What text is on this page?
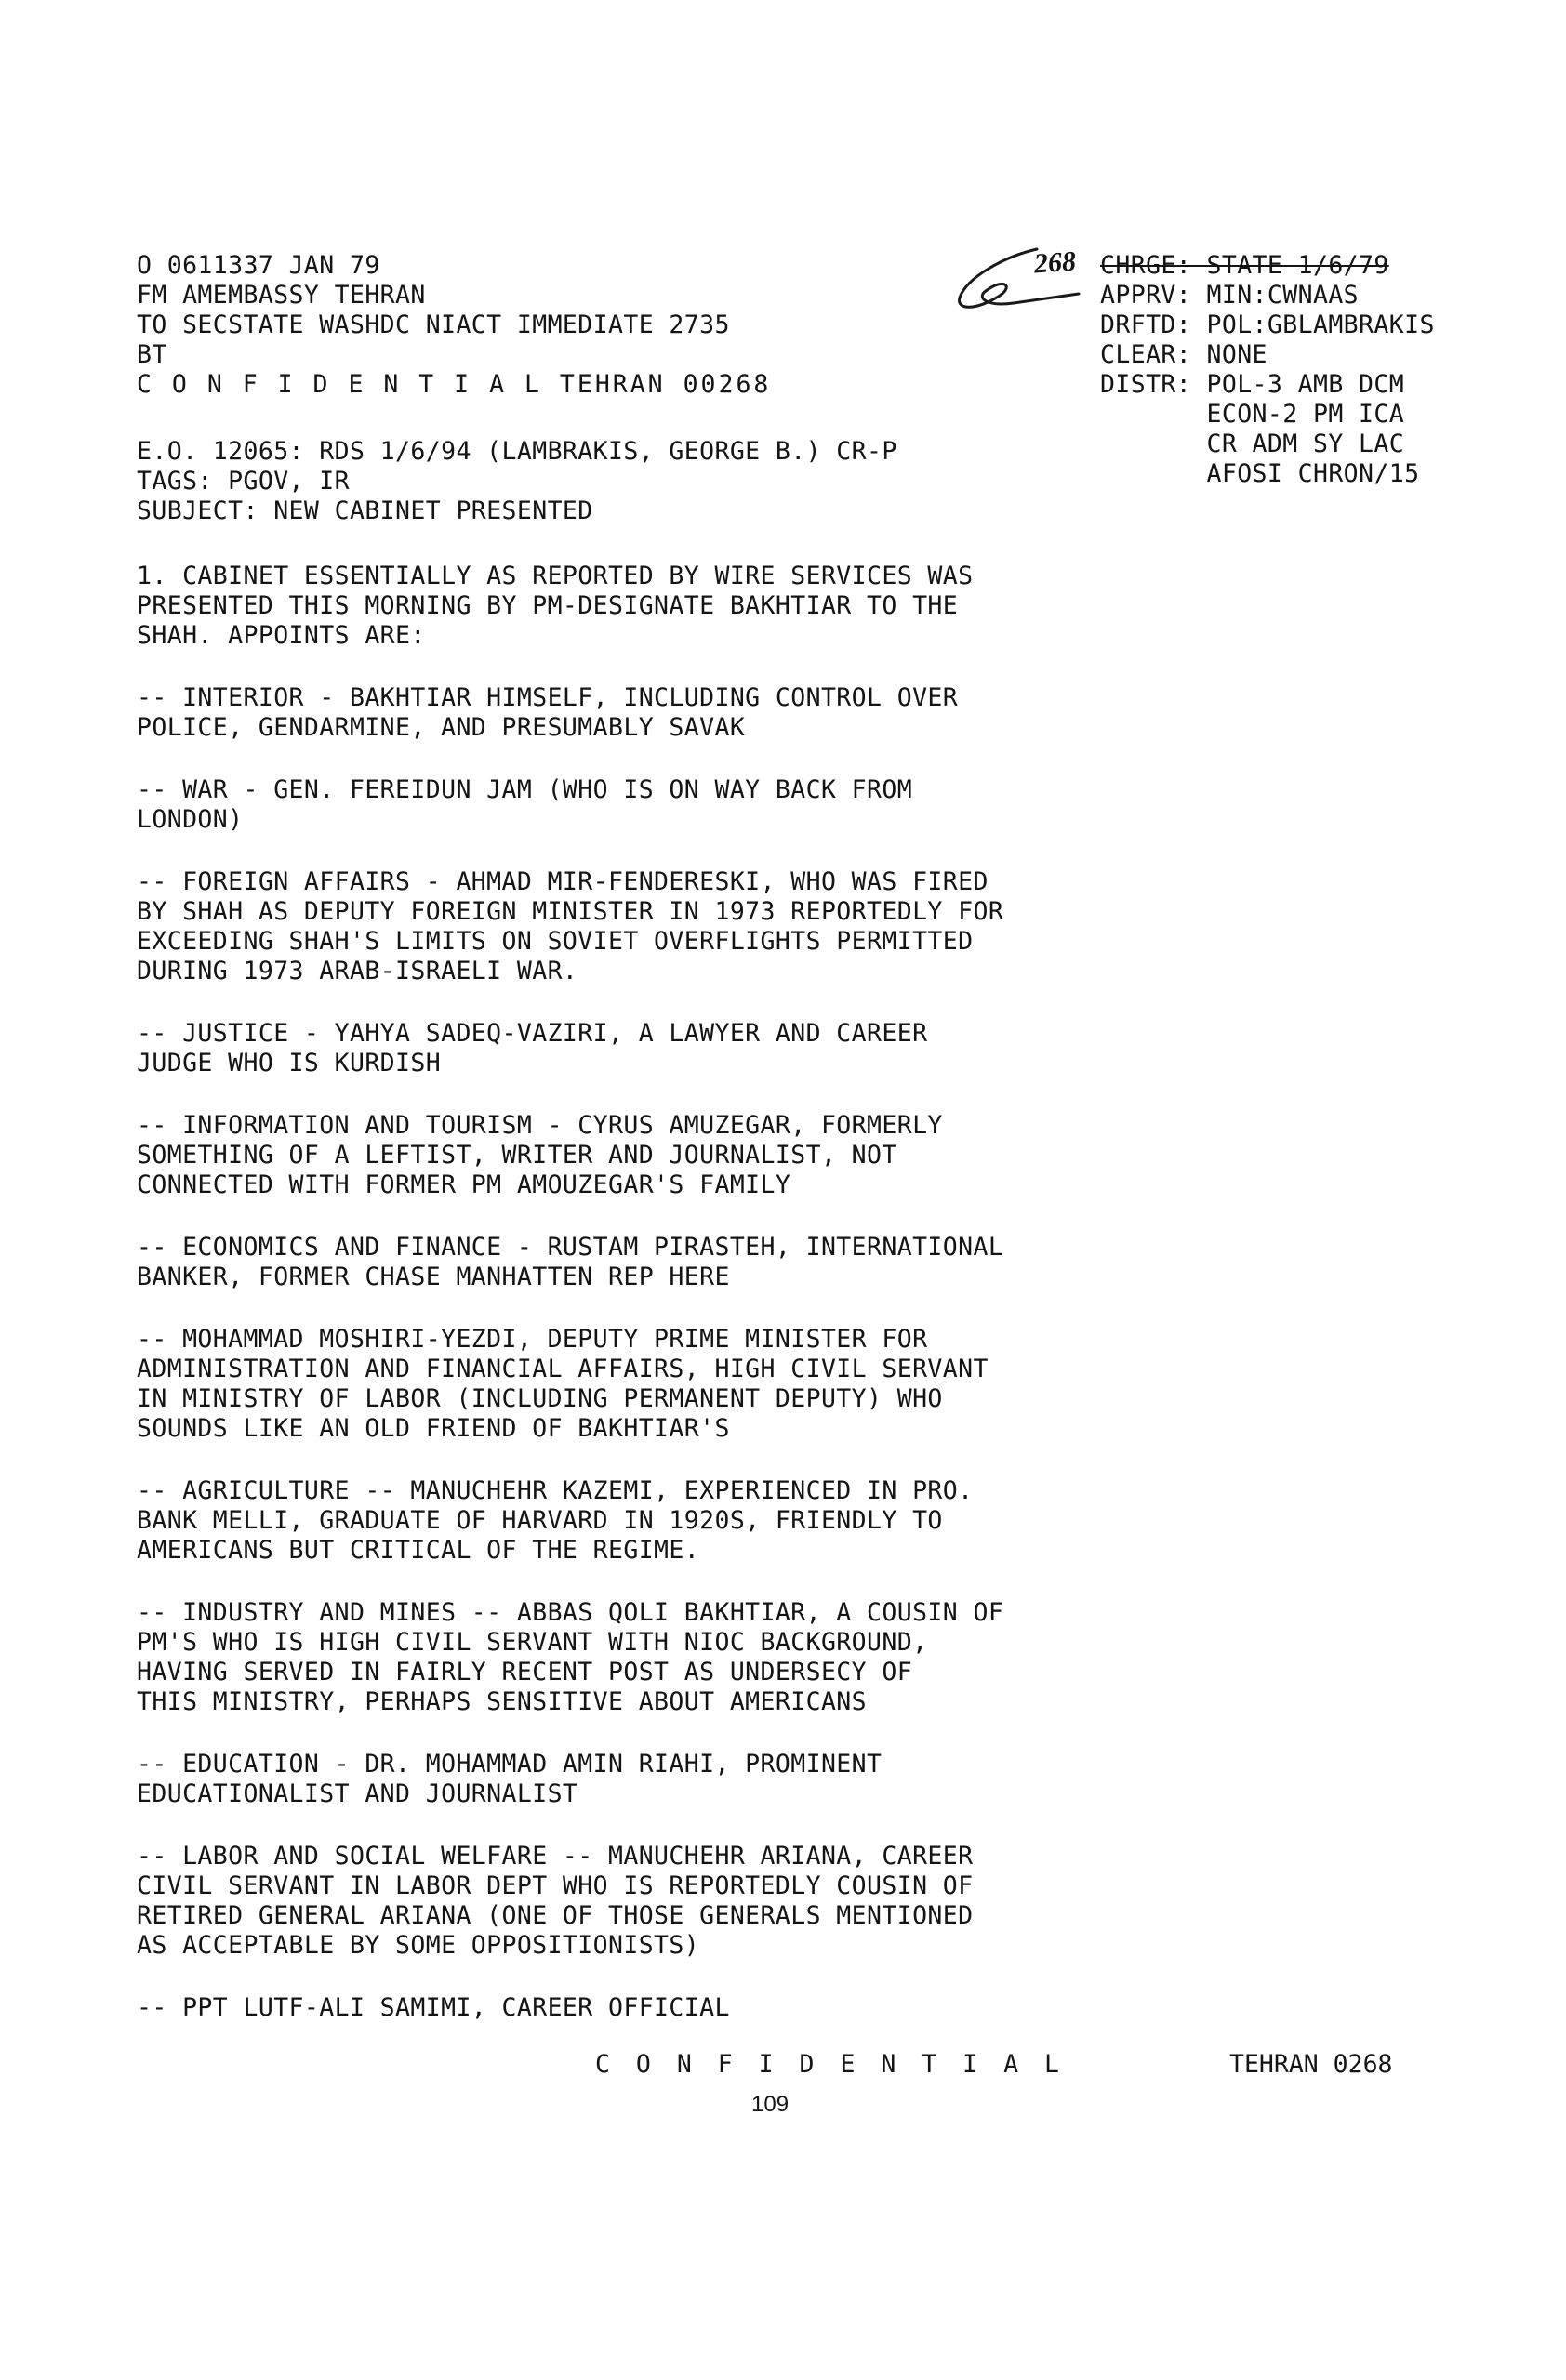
268
O 0611337 JAN 79
FM AMEMBASSY TEHRAN
TO SECSTATE WASHDC NIACT IMMEDIATE 2735
BT
C O N F I D E N T I A L TEHRAN 00268
CHRGE: STATE 1/6/79
APPRV: MIN:CWNAAS
DRFTD: POL:GBLAMBRAKIS
CLEAR: NONE
DISTR: POL-3 AMB DCM
ECON-2 PM ICA
CR ADM SY LAC
AFOSI CHRON/15
E.O. 12065: RDS 1/6/94 (LAMBRAKIS, GEORGE B.) CR-P
TAGS: PGOV, IR
SUBJECT: NEW CABINET PRESENTED
1. CABINET ESSENTIALLY AS REPORTED BY WIRE SERVICES WAS
PRESENTED THIS MORNING BY PM-DESIGNATE BAKHTIAR TO THE
SHAH. APPOINTS ARE:
-- INTERIOR - BAKHTIAR HIMSELF, INCLUDING CONTROL OVER
POLICE, GENDARMINE, AND PRESUMABLY SAVAK
-- WAR - GEN. FEREIDUN JAM (WHO IS ON WAY BACK FROM
LONDON)
-- FOREIGN AFFAIRS - AHMAD MIR-FENDERESKI, WHO WAS FIRED
BY SHAH AS DEPUTY FOREIGN MINISTER IN 1973 REPORTEDLY FOR
EXCEEDING SHAH'S LIMITS ON SOVIET OVERFLIGHTS PERMITTED
DURING 1973 ARAB-ISRAELI WAR.
-- JUSTICE - YAHYA SADEQ-VAZIRI, A LAWYER AND CAREER
JUDGE WHO IS KURDISH
-- INFORMATION AND TOURISM - CYRUS AMUZEGAR, FORMERLY
SOMETHING OF A LEFTIST, WRITER AND JOURNALIST, NOT
CONNECTED WITH FORMER PM AMOUZEGAR'S FAMILY
-- ECONOMICS AND FINANCE - RUSTAM PIRASTEH, INTERNATIONAL
BANKER, FORMER CHASE MANHATTEN REP HERE
-- MOHAMMAD MOSHIRI-YEZDI, DEPUTY PRIME MINISTER FOR
ADMINISTRATION AND FINANCIAL AFFAIRS, HIGH CIVIL SERVANT
IN MINISTRY OF LABOR (INCLUDING PERMANENT DEPUTY) WHO
SOUNDS LIKE AN OLD FRIEND OF BAKHTIAR'S
-- AGRICULTURE -- MANUCHEHR KAZEMI, EXPERIENCED IN PRO.
BANK MELLI, GRADUATE OF HARVARD IN 1920S, FRIENDLY TO
AMERICANS BUT CRITICAL OF THE REGIME.
-- INDUSTRY AND MINES -- ABBAS QOLI BAKHTIAR, A COUSIN OF
PM'S WHO IS HIGH CIVIL SERVANT WITH NIOC BACKGROUND,
HAVING SERVED IN FAIRLY RECENT POST AS UNDERSECY OF
THIS MINISTRY, PERHAPS SENSITIVE ABOUT AMERICANS
-- EDUCATION - DR. MOHAMMAD AMIN RIAHI, PROMINENT
EDUCATIONALIST AND JOURNALIST
-- LABOR AND SOCIAL WELFARE -- MANUCHEHR ARIANA, CAREER
CIVIL SERVANT IN LABOR DEPT WHO IS REPORTEDLY COUSIN OF
RETIRED GENERAL ARIANA (ONE OF THOSE GENERALS MENTIONED
AS ACCEPTABLE BY SOME OPPOSITIONISTS)
-- PPT LUTF-ALI SAMIMI, CAREER OFFICIAL
C O N F I D E N T I A L	TEHRAN 0268
109
